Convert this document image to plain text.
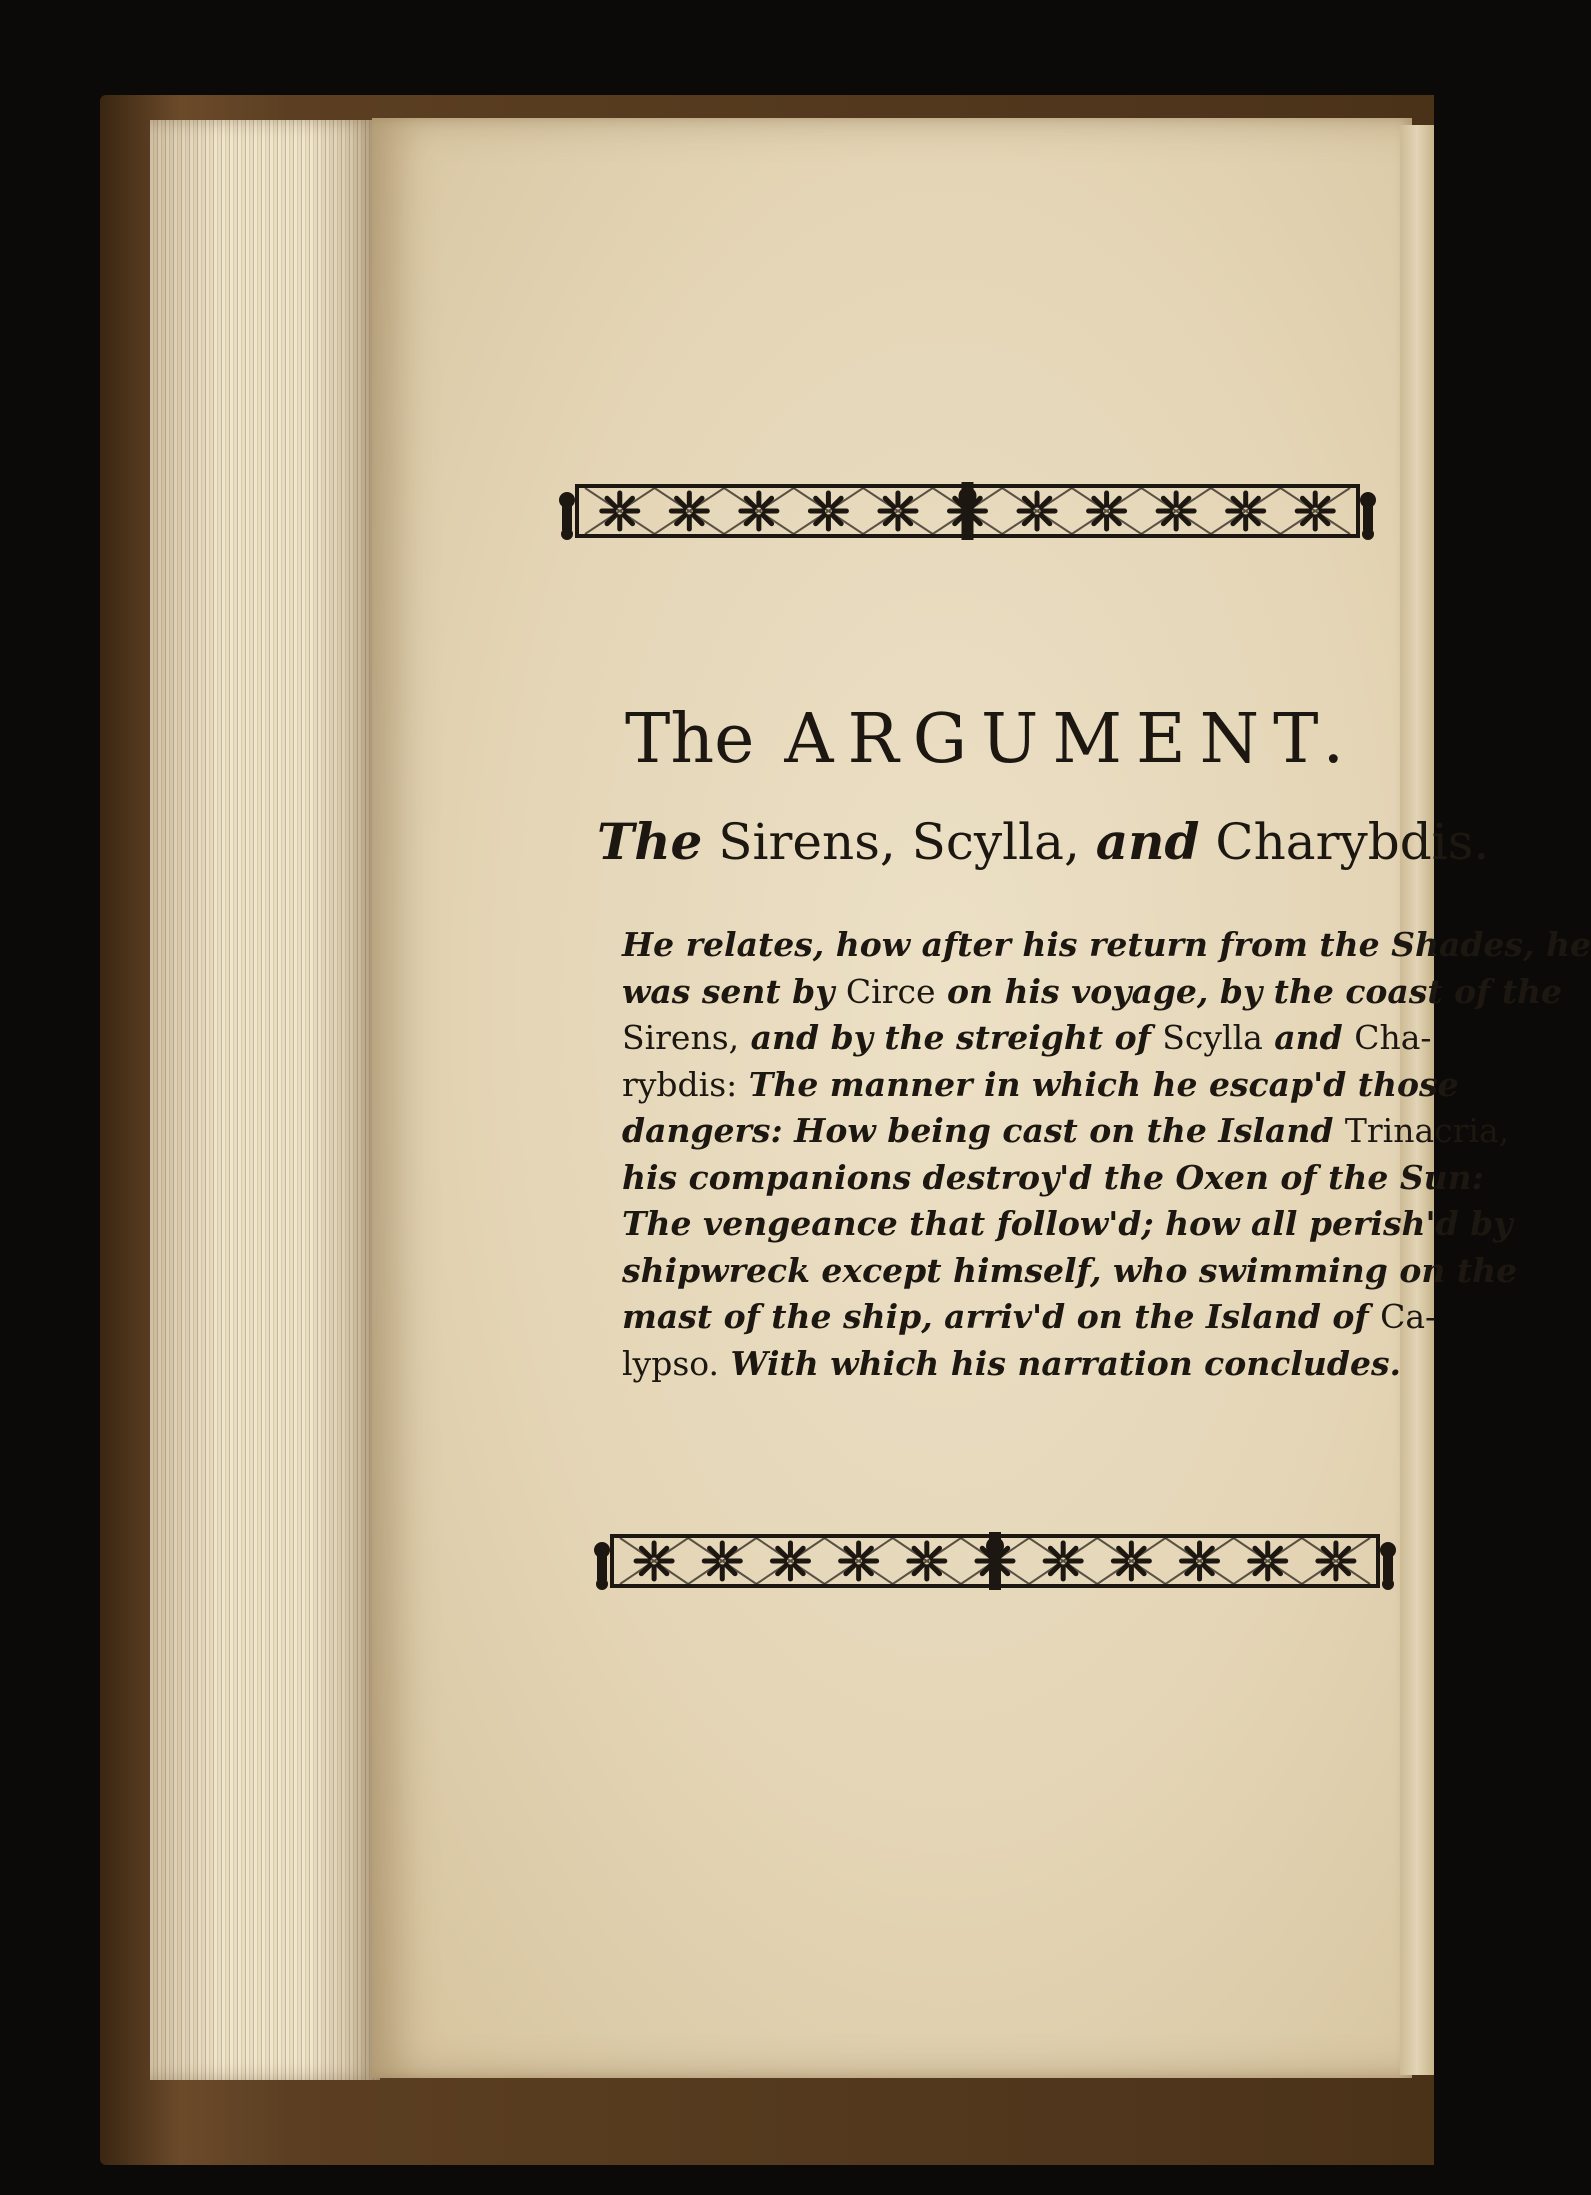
The ARGUMENT.
The Sirens, Scylla, and Charybdis.
He relates, how after his return from the Shades, he
was sent by Circe on his voyage, by the coast of the
Sirens, and by the streight of Scylla and Cha-
rybdis: The manner in which he escap'd those
dangers: How being cast on the Island Trinacria,
his companions destroy'd the Oxen of the Sun:
The vengeance that follow'd; how all perish'd by
shipwreck except himself, who swimming on the
mast of the ship, arriv'd on the Island of Ca-
lypso. With which his narration concludes.
